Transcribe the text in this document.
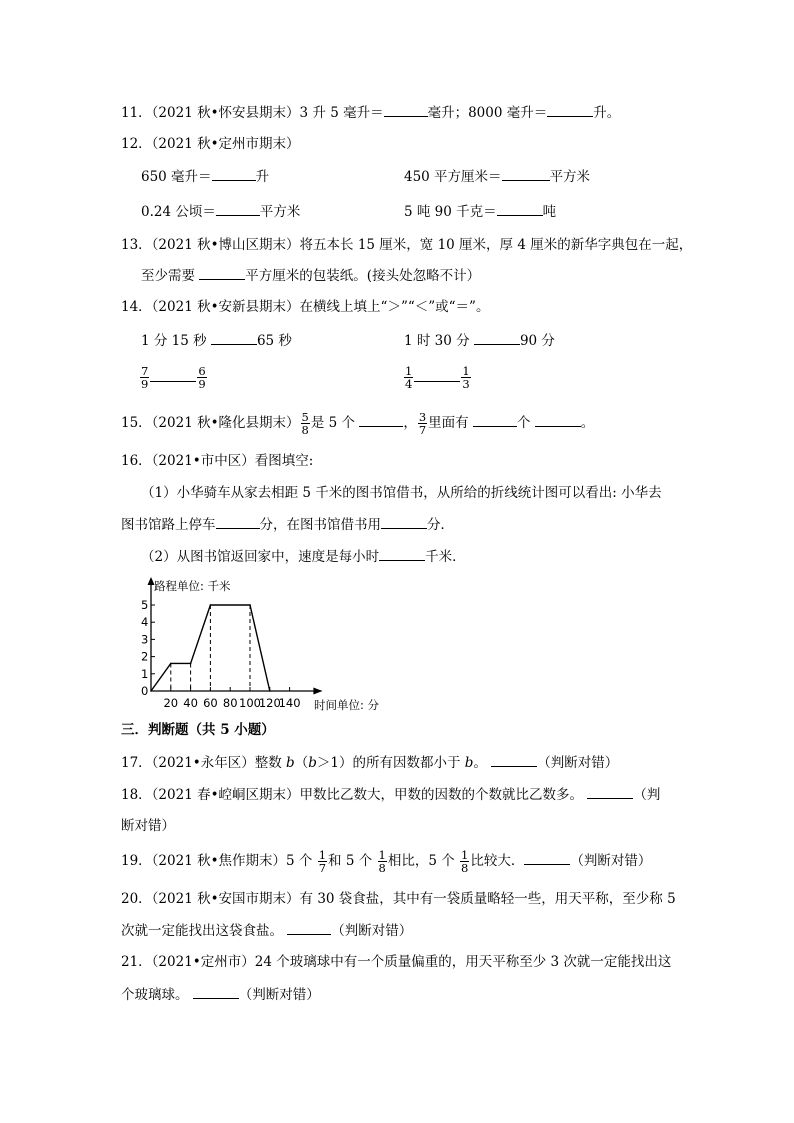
11．（2021 秋•怀安县期末）3 升 5 毫升＝	毫升；8000 毫升＝	升。
12．（2021 秋•定州市期末）
650 毫升＝	升	450 平方厘米＝	平方米
0.24 公顷＝	平方米	5 吨 90 千克＝	吨
13．（2021 秋•博山区期末）将五本长 15 厘米，宽 10 厘米，厚 4 厘米的新华字典包在一起，
至少需要	平方厘米的包装纸。(接头处忽略不计）
14．（2021 秋•安新县期末）在横线上填上“＞”“＜”或“＝”。
1 分 15 秒	65 秒	1 时 30 分	90 分
$\frac{7}{9}$	$\frac{6}{9}$	$\frac{1}{4}$	$\frac{1}{3}$
15．（2021 秋•隆化县期末） $\frac{5}{8}$ 是 5 个	， $\frac{3}{7}$ 里面有	个	。
16．（2021•市中区）看图填空:
（1）小华骑车从家去相距 5 千米的图书馆借书，从所给的折线统计图可以看出: 小华去
图书馆路上停车	分，在图书馆借书用	分．
（2）从图书馆返回家中，速度是每小时	千米．
0
1
2
3
4
5
20 40 60 80 100
120
140
路程单位: 千米
时间单位: 分
三．判断题（共 5 小题）
17．（2021•永年区）整数 b（b＞1）的所有因数都小于 b。	（判断对错）
18．（2021 春•崆峒区期末）甲数比乙数大，甲数的因数的个数就比乙数多。	（判
断对错）
19．（2021 秋•焦作期末）5 个 $\frac{1}{7}$ 和 5 个 $\frac{1}{8}$ 相比，5 个 $\frac{1}{8}$ 比较大．	（判断对错）
20．（2021 秋•安国市期末）有 30 袋食盐，其中有一袋质量略轻一些，用天平称，至少称 5
次就一定能找出这袋食盐。	（判断对错）
21．（2021•定州市）24 个玻璃球中有一个质量偏重的，用天平称至少 3 次就一定能找出这
个玻璃球。	（判断对错）
